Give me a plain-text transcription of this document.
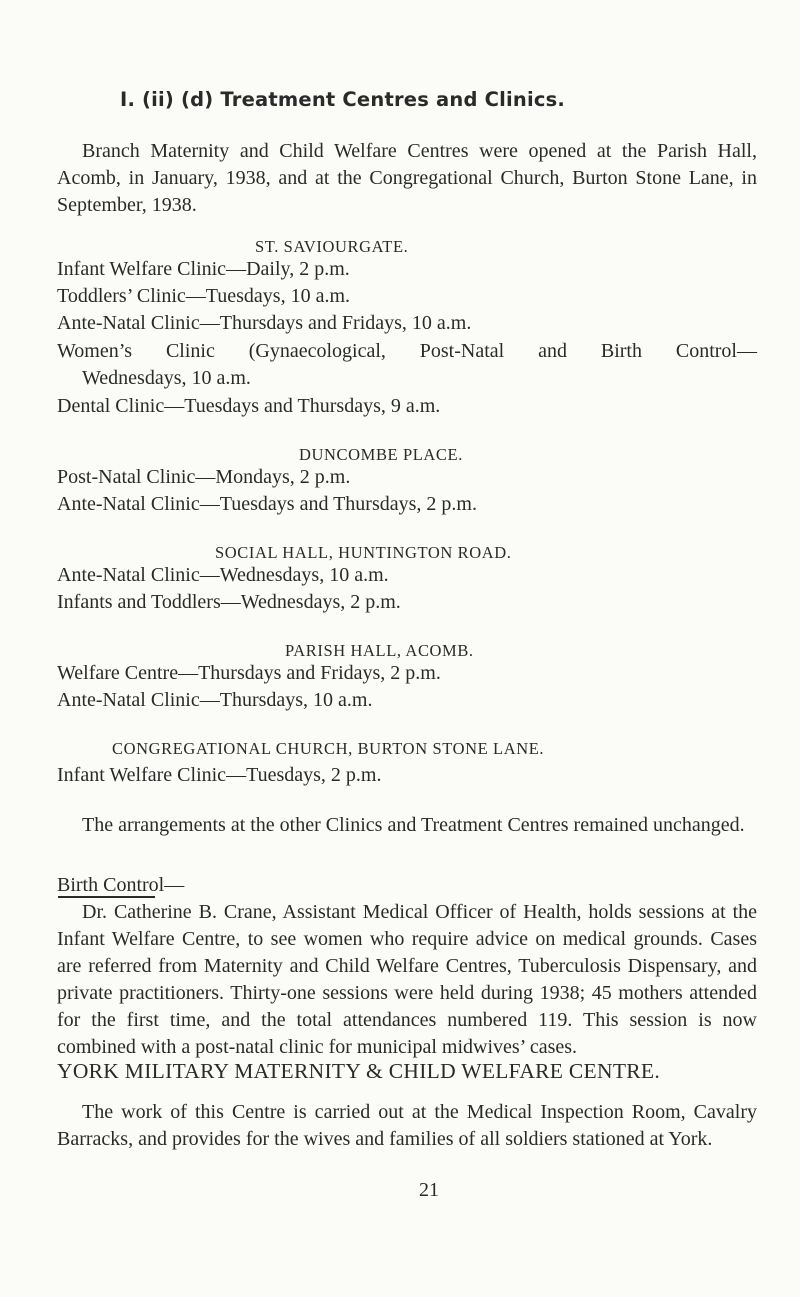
I. (ii) (d) Treatment Centres and Clinics.

Branch Maternity and Child Welfare Centres were opened at the Parish Hall, Acomb, in January, 1938, and at the Congregational Church, Burton Stone Lane, in September, 1938.

ST. SAVIOURGATE.
Infant Welfare Clinic—Daily, 2 p.m.
Toddlers’ Clinic—Tuesdays, 10 a.m.
Ante-Natal Clinic—Thursdays and Fridays, 10 a.m.
Women’s Clinic (Gynaecological, Post-Natal and Birth Control—
Wednesdays, 10 a.m.
Dental Clinic—Tuesdays and Thursdays, 9 a.m.
DUNCOMBE PLACE.
Post-Natal Clinic—Mondays, 2 p.m.
Ante-Natal Clinic—Tuesdays and Thursdays, 2 p.m.
SOCIAL HALL, HUNTINGTON ROAD.
Ante-Natal Clinic—Wednesdays, 10 a.m.
Infants and Toddlers—Wednesdays, 2 p.m.
PARISH HALL, ACOMB.
Welfare Centre—Thursdays and Fridays, 2 p.m.
Ante-Natal Clinic—Thursdays, 10 a.m.
CONGREGATIONAL CHURCH, BURTON STONE LANE.
Infant Welfare Clinic—Tuesdays, 2 p.m.

The arrangements at the other Clinics and Treatment Centres remained unchanged.

Birth Control—

Dr. Catherine B. Crane, Assistant Medical Officer of Health, holds sessions at the Infant Welfare Centre, to see women who require advice on medical grounds. Cases are referred from Maternity and Child Welfare Centres, Tuberculosis Dispensary, and private practitioners. Thirty-one sessions were held during 1938; 45 mothers attended for the first time, and the total attendances numbered 119. This session is now combined with a post-natal clinic for municipal midwives’ cases.

YORK MILITARY MATERNITY & CHILD WELFARE CENTRE.

The work of this Centre is carried out at the Medical Inspection Room, Cavalry Barracks, and provides for the wives and families of all soldiers stationed at York.

21
